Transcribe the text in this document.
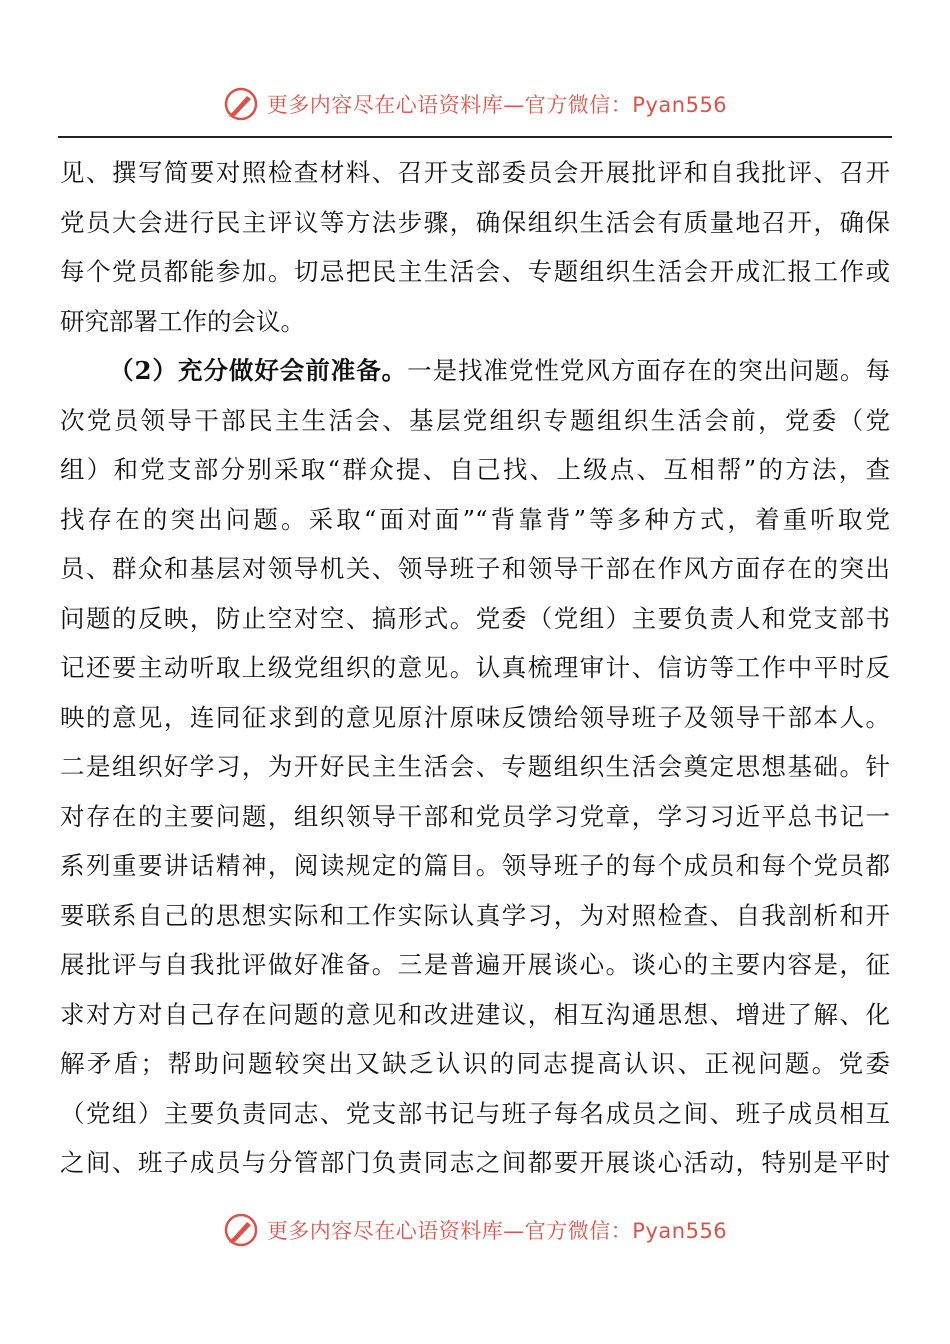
更多内容尽在心语资料库—官方微信：Pyan556
见、撰写简要对照检查材料、召开支部委员会开展批评和自我批评、召开
党员大会进行民主评议等方法步骤，确保组织生活会有质量地召开，确保
每个党员都能参加。切忌把民主生活会、专题组织生活会开成汇报工作或
研究部署工作的会议。
（2）充分做好会前准备。一是找准党性党风方面存在的突出问题。每
次党员领导干部民主生活会、基层党组织专题组织生活会前，党委（党
组）和党支部分别采取“群众提、自己找、上级点、互相帮”的方法，查
找存在的突出问题。采取“面对面”“背靠背”等多种方式，着重听取党
员、群众和基层对领导机关、领导班子和领导干部在作风方面存在的突出
问题的反映，防止空对空、搞形式。党委（党组）主要负责人和党支部书
记还要主动听取上级党组织的意见。认真梳理审计、信访等工作中平时反
映的意见，连同征求到的意见原汁原味反馈给领导班子及领导干部本人。
二是组织好学习，为开好民主生活会、专题组织生活会奠定思想基础。针
对存在的主要问题，组织领导干部和党员学习党章，学习习近平总书记一
系列重要讲话精神，阅读规定的篇目。领导班子的每个成员和每个党员都
要联系自己的思想实际和工作实际认真学习，为对照检查、自我剖析和开
展批评与自我批评做好准备。三是普遍开展谈心。谈心的主要内容是，征
求对方对自己存在问题的意见和改进建议，相互沟通思想、增进了解、化
解矛盾；帮助问题较突出又缺乏认识的同志提高认识、正视问题。党委
（党组）主要负责同志、党支部书记与班子每名成员之间、班子成员相互
之间、班子成员与分管部门负责同志之间都要开展谈心活动，特别是平时
更多内容尽在心语资料库—官方微信：Pyan556
